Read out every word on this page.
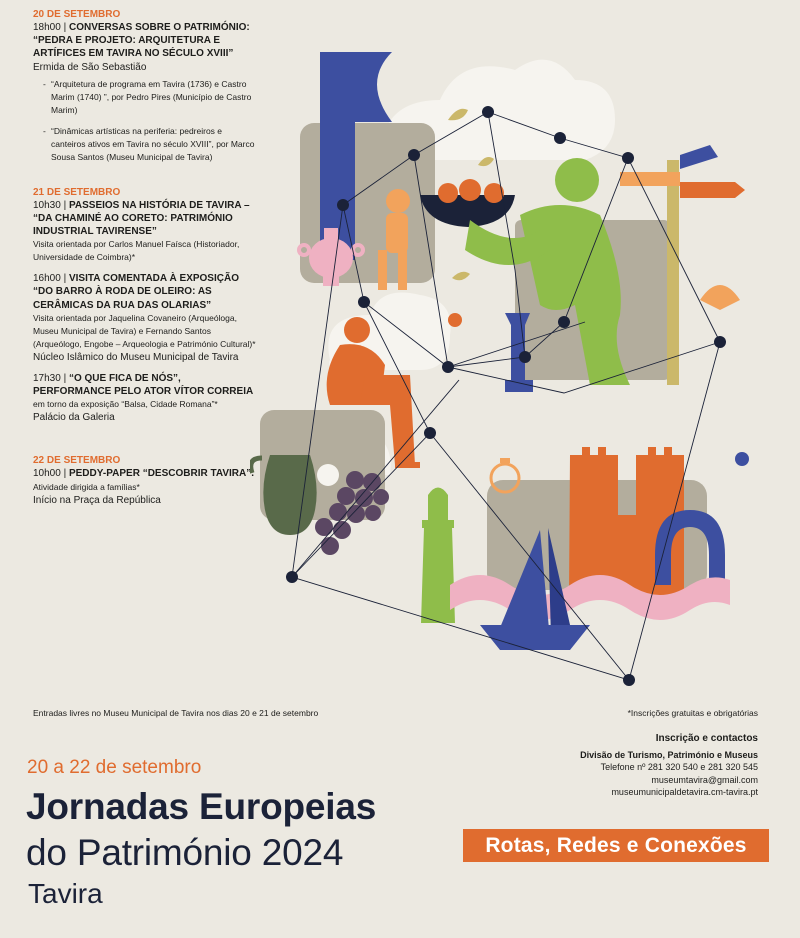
20 DE SETEMBRO

18h00 | CONVERSAS SOBRE O PATRIMÓNIO: “PEDRA E PROJETO: ARQUITETURA E ARTÍFICES EM TAVIRA NO SÉCULO XVIII”

Ermida de São Sebastião

- “Arquitetura de programa em Tavira (1736) e Castro Marim (1740) ”, por Pedro Pires (Município de Castro Marim)
- “Dinâmicas artísticas na periferia: pedreiros e canteiros ativos em Tavira no século XVIII”, por Marco Sousa Santos (Museu Municipal de Tavira)

21 DE SETEMBRO

10h30 | PASSEIOS NA HISTÓRIA DE TAVIRA – “DA CHAMINÉ AO CORETO: PATRIMÓNIO INDUSTRIAL TAVIRENSE”

Visita orientada por Carlos Manuel Faísca (Historiador, Universidade de Coimbra)*

16h00 | VISITA COMENTADA À EXPOSIÇÃO “DO BARRO À RODA DE OLEIRO: AS CERÂMICAS DA RUA DAS OLARIAS”

Visita orientada por Jaquelina Covaneiro (Arqueóloga, Museu Municipal de Tavira) e Fernando Santos (Arqueólogo, Engobe – Arqueologia e Património Cultural)*

Núcleo Islâmico do Museu Municipal de Tavira

17h30 | “O QUE FICA DE NÓS”, PERFORMANCE PELO ATOR VÍTOR CORREIA em torno da exposição “Balsa, Cidade Romana”*

Palácio da Galeria

22 DE SETEMBRO

10h00 | PEDDY-PAPER “DESCOBRIR TAVIRA”.

Atividade dirigida a famílias*

Início na Praça da República

Entradas livres no Museu Municipal de Tavira nos dias 20 e 21 de setembro	*Inscrições gratuitas e obrigatórias
Inscrição e contactos
Divisão de Turismo, Património e Museus
Telefone nº 281 320 540 e 281 320 545
museumtavira@gmail.com
museumunicipaldetavira.cm-tavira.pt
20 a 22 de setembro
Jornadas Europeias
do Património 2024
Tavira
Rotas, Redes e Conexões
